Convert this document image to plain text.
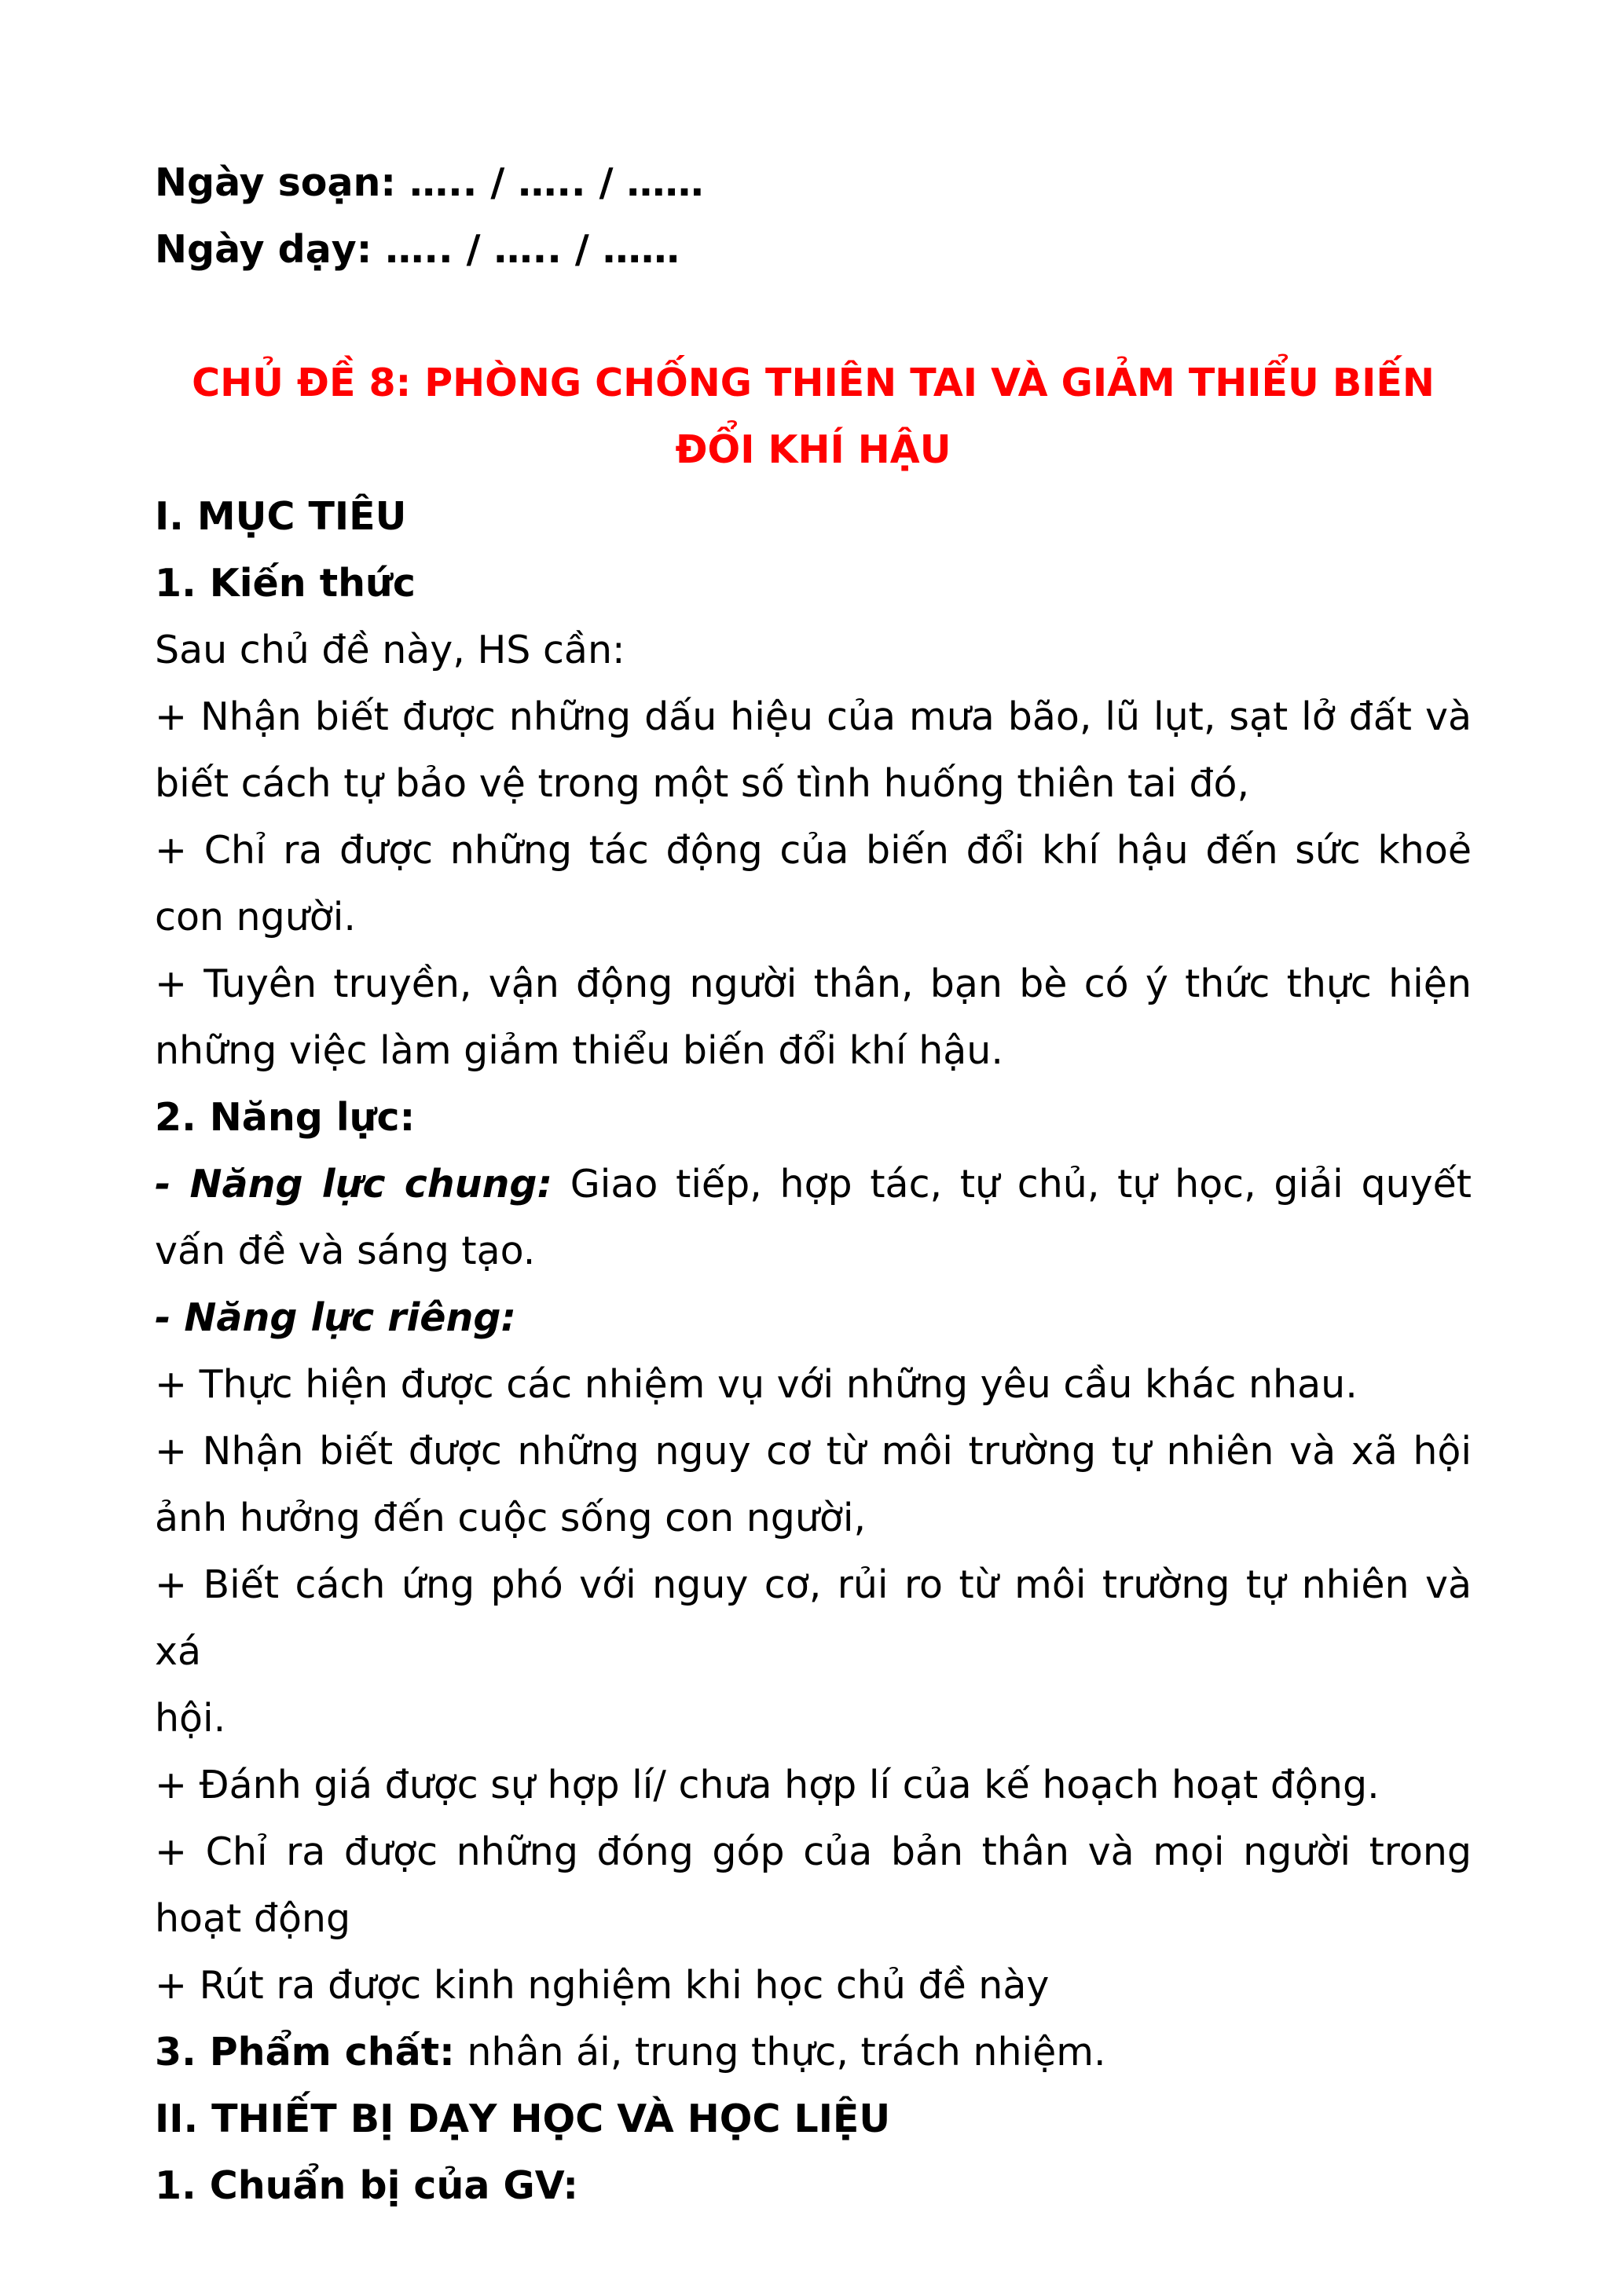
Ngày soạn: ….. / ….. / ……
Ngày dạy: ….. / ….. / ……
CHỦ ĐỀ 8: PHÒNG CHỐNG THIÊN TAI VÀ GIẢM THIỂU BIẾN
ĐỔI KHÍ HẬU
I. MỤC TIÊU
1. Kiến thức
Sau chủ đề này, HS cần:
+ Nhận biết được những dấu hiệu của mưa bão, lũ lụt, sạt lở đất và
biết cách tự bảo vệ trong một số tình huống thiên tai đó,
+ Chỉ ra được những tác động của biến đổi khí hậu đến sức khoẻ
con người.
+ Tuyên truyền, vận động người thân, bạn bè có ý thức thực hiện
những việc làm giảm thiểu biến đổi khí hậu.
2. Năng lực:
- Năng lực chung: Giao tiếp, hợp tác, tự chủ, tự học, giải quyết
vấn đề và sáng tạo.
- Năng lực riêng:
+ Thực hiện được các nhiệm vụ với những yêu cầu khác nhau.
+ Nhận biết được những nguy cơ từ môi trường tự nhiên và xã hội
ảnh hưởng đến cuộc sống con người,
+ Biết cách ứng phó với nguy cơ, rủi ro từ môi trường tự nhiên và xá
hội.
+ Đánh giá được sự hợp lí/ chưa hợp lí của kế hoạch hoạt động.
+ Chỉ ra được những đóng góp của bản thân và mọi người trong
hoạt động
+ Rút ra được kinh nghiệm khi học chủ đề này
3. Phẩm chất: nhân ái, trung thực, trách nhiệm.
II. THIẾT BỊ DẠY HỌC VÀ HỌC LIỆU
1. Chuẩn bị của GV:
